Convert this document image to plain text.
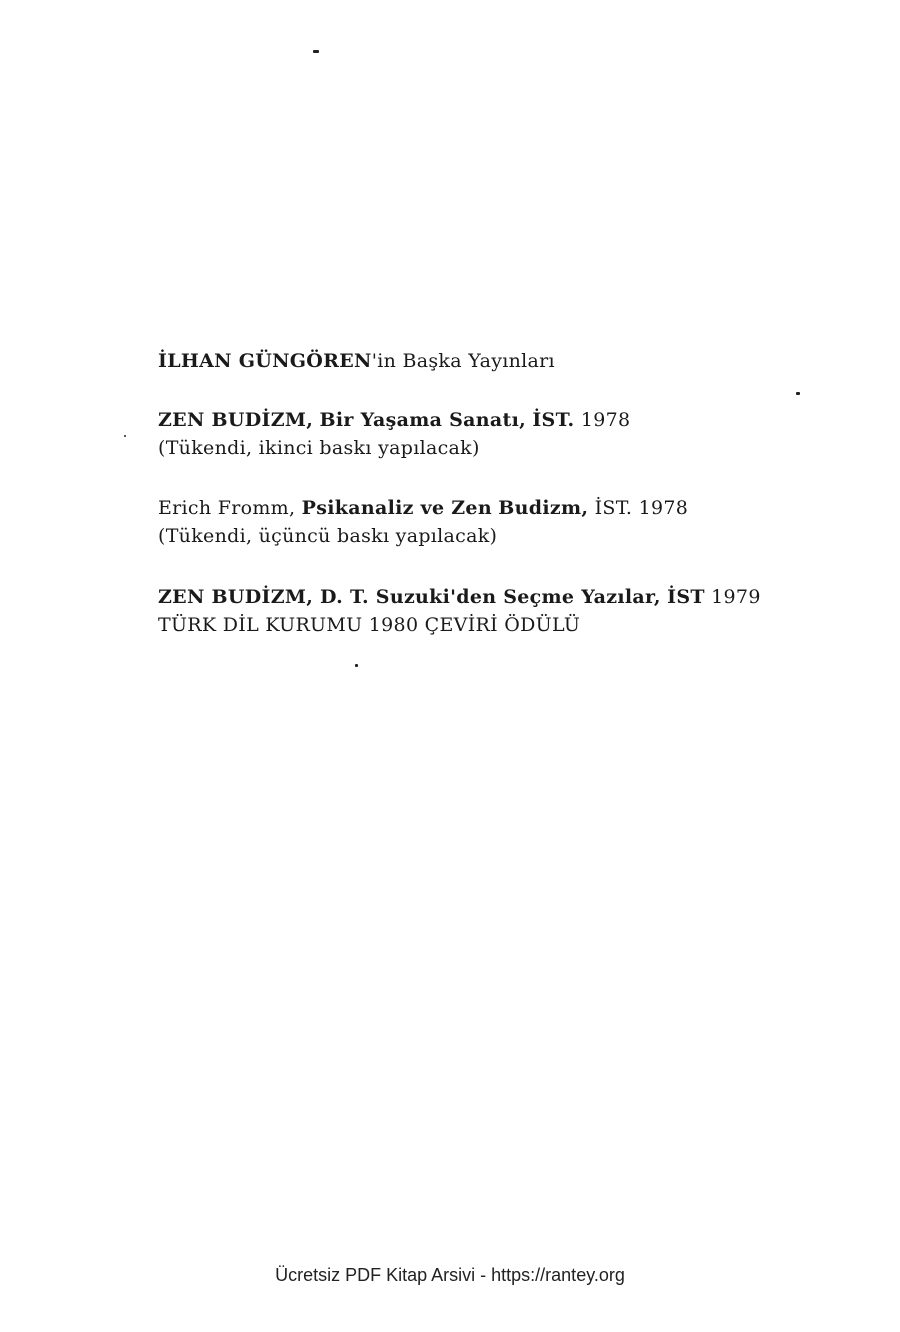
İLHAN GÜNGÖREN'in Başka Yayınları
ZEN BUDİZM, Bir Yaşama Sanatı, İST. 1978
(Tükendi, ikinci baskı yapılacak)
Erich Fromm, Psikanaliz ve Zen Budizm, İST. 1978
(Tükendi, üçüncü baskı yapılacak)
ZEN BUDİZM, D. T. Suzuki'den Seçme Yazılar, İST 1979
TÜRK DİL KURUMU 1980 ÇEVİRİ ÖDÜLÜ
Ücretsiz PDF Kitap Arsivi - https://rantey.org
